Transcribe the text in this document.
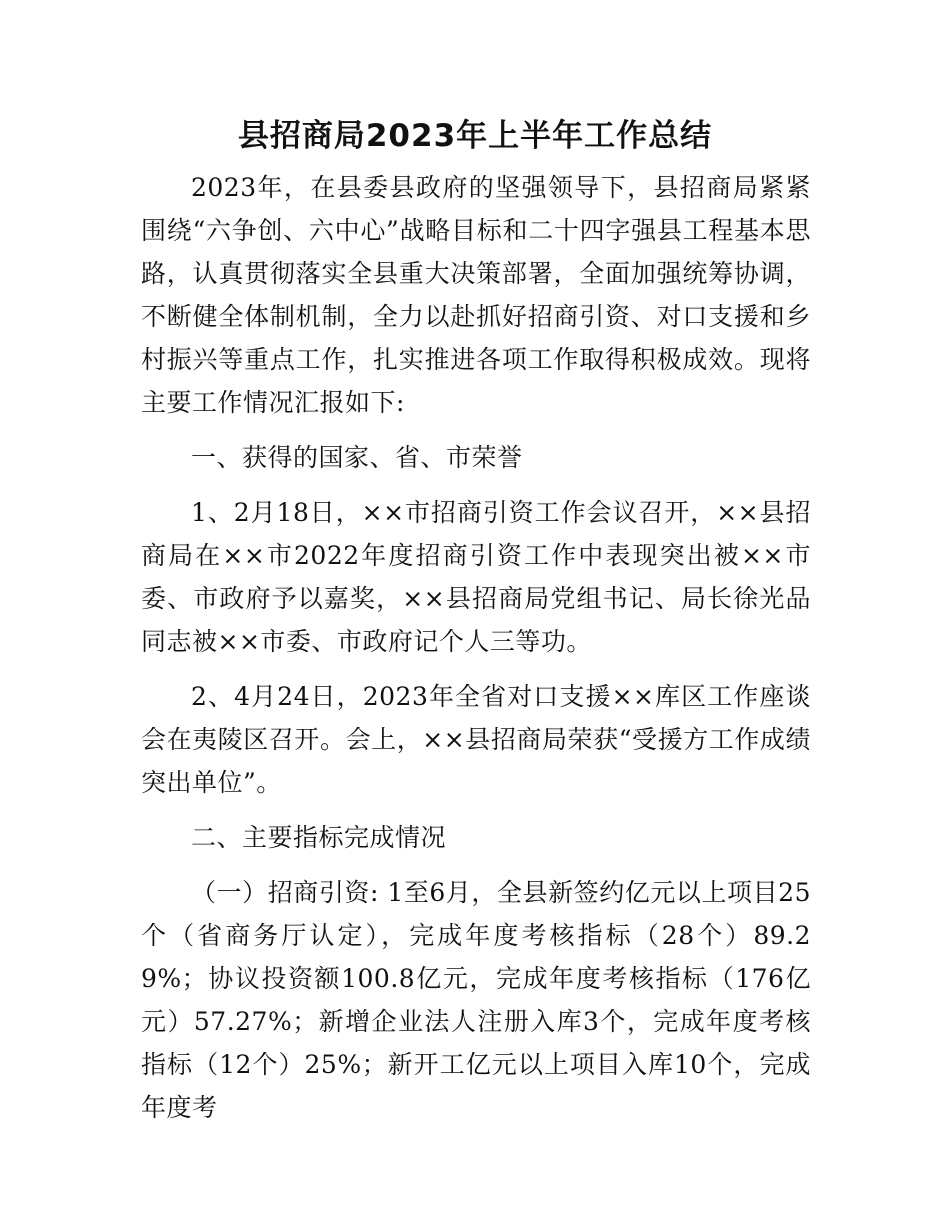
县招商局2023年上半年工作总结

2023年，在县委县政府的坚强领导下，县招商局紧紧围绕“六争创、六中心”战略目标和二十四字强县工程基本思路，认真贯彻落实全县重大决策部署，全面加强统筹协调，不断健全体制机制，全力以赴抓好招商引资、对口支援和乡村振兴等重点工作，扎实推进各项工作取得积极成效。现将主要工作情况汇报如下:

一、获得的国家、省、市荣誉

1、2月18日，××市招商引资工作会议召开，××县招商局在××市2022年度招商引资工作中表现突出被××市委、市政府予以嘉奖，××县招商局党组书记、局长徐光品同志被××市委、市政府记个人三等功。

2、4月24日，2023年全省对口支援××库区工作座谈会在夷陵区召开。会上，××县招商局荣获“受援方工作成绩突出单位”。

二、主要指标完成情况

（一）招商引资: 1至6月，全县新签约亿元以上项目25个（省商务厅认定），完成年度考核指标（28个）89.29%；协议投资额100.8亿元，完成年度考核指标（176亿元）57.27%；新增企业法人注册入库3个，完成年度考核指标（12个）25%；新开工亿元以上项目入库10个，完成年度考
